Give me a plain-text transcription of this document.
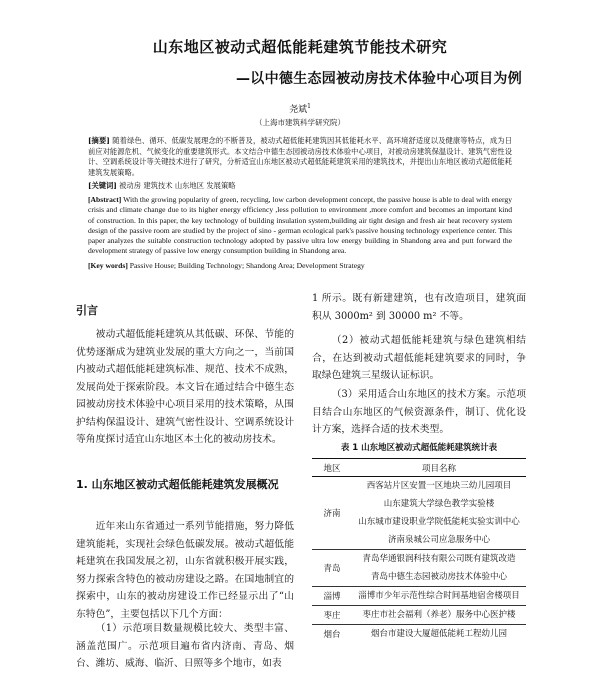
山东地区被动式超低能耗建筑节能技术研究
—以中德生态园被动房技术体验中心项目为例
尧斌$^1$
（上海市建筑科学研究院）
[摘要] 随着绿色、循环、低碳发展理念的不断普及，被动式超低能耗建筑因其低能耗水平、高环境舒适度以及健康等特点，成为日前应对能源危机、气候变化的重要建筑形式。本文结合中德生态园被动房技术体验中心项目，对被动房建筑保温设计、建筑气密性设计、空调系统设计等关键技术进行了研究，分析适宜山东地区被动式超低能耗建筑采用的建筑技术，并提出山东地区被动式超低能耗建筑发展策略。
[关键词] 被动房 建筑技术 山东地区 发展策略
[Abstract] With the growing popularity of green, recycling, low carbon development concept, the passive house is able to deal with energy crisis and climate change due to its higher energy efficiency ,less pollution to environment ,more comfort and becomes an important kind of construction. In this paper, the key technology of building insulation system,building air tight design and fresh air heat recovery system design of the passive room are studied by the project of sino - german ecological park's passive housing technology experience center. This paper analyzes the suitable construction technology adopted by passive ultra low energy building in Shandong area and putt forward the development strategy of passive low energy consumption building in Shandong area.
[Key words] Passive House; Building Technology; Shandong Area; Development Strategy
引言
被动式超低能耗建筑从其低碳、环保、节能的优势逐渐成为建筑业发展的重大方向之一，当前国内被动式超低能耗建筑标准、规范、技术不成熟，发展尚处于探索阶段。本文旨在通过结合中德生态园被动房技术体验中心项目采用的技术策略，从围护结构保温设计、建筑气密性设计、空调系统设计等角度探讨适宜山东地区本土化的被动房技术。
1. 山东地区被动式超低能耗建筑发展概况
近年来山东省通过一系列节能措施，努力降低建筑能耗，实现社会绿色低碳发展。被动式超低能耗建筑在我国发展之初，山东省就积极开展实践，努力探索含特色的被动房建设之路。在国地制宜的探索中，山东的被动房建设工作已经显示出了“山东特色”，主要包括以下几个方面：
（1）示范项目数量规模比较大、类型丰富、涵盖范围广。示范项目遍布省内济南、青岛、烟台、潍坊、威海、临沂、日照等多个地市，如表
1 所示。既有新建建筑，也有改造项目，建筑面积从 3000m² 到 30000 m² 不等。
（2）被动式超低能耗建筑与绿色建筑相结合，在达到被动式超低能耗建筑要求的同时，争取绿色建筑三星级认证标识。
（3）采用适合山东地区的技术方案。示范项目结合山东地区的气候资源条件，制订、优化设计方案，选择合适的技术类型。
表 1 山东地区被动式超低能耗建筑统计表
地区	项目名称
济南	西客站片区安置一区地块三幼儿园项目
	山东建筑大学绿色教学实验楼
	山东城市建设职业学院低能耗实验实训中心
	济南泉城公司应急服务中心
青岛	青岛华通银润科技有限公司既有建筑改造
	青岛中德生态园被动房技术体验中心
淄博	淄博市少年示范性综合时间基地宿舍楼项目
枣庄	枣庄市社会福利（养老）服务中心医护楼
烟台	烟台市建设大厦超低能耗工程幼儿园
